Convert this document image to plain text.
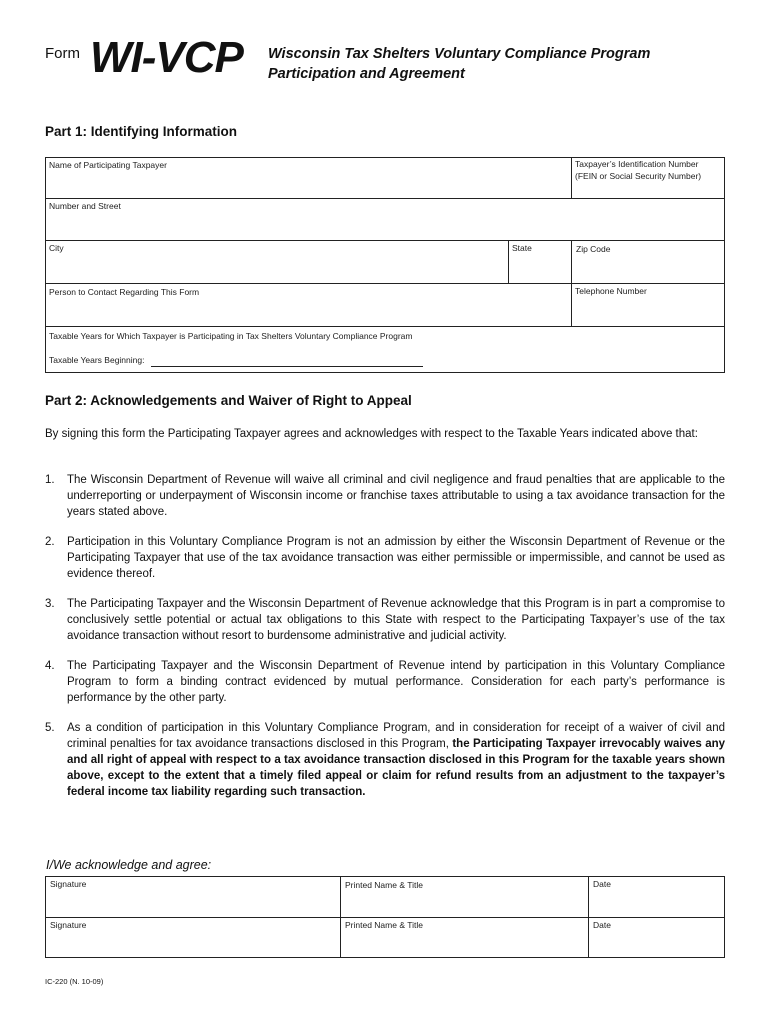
Form WI-VCP Wisconsin Tax Shelters Voluntary Compliance Program
Participation and Agreement
Part 1: Identifying Information
Name of Participating Taxpayer	Taxpayer’s Identification Number
(FEIN or Social Security Number)
Number and Street
City	State	Zip Code
Person to Contact Regarding This Form	Telephone Number
Taxable Years for Which Taxpayer is Participating in Tax Shelters Voluntary Compliance Program
Taxable Years Beginning:
Part 2: Acknowledgements and Waiver of Right to Appeal
By signing this form the Participating Taxpayer agrees and acknowledges with respect to the Taxable Years indicated above that:
1. The Wisconsin Department of Revenue will waive all criminal and civil negligence and fraud penalties that are applicable to the underreporting or underpayment of Wisconsin income or franchise taxes attributable to using a tax avoidance transaction for the years stated above.
2. Participation in this Voluntary Compliance Program is not an admission by either the Wisconsin Department of Revenue or the Participating Taxpayer that use of the tax avoidance transaction was either permissible or impermissible, and cannot be used as evidence thereof.
3. The Participating Taxpayer and the Wisconsin Department of Revenue acknowledge that this Program is in part a compromise to conclusively settle potential or actual tax obligations to this State with respect to the Participating Taxpayer’s use of the tax avoidance transaction without resort to burdensome administrative and judicial activity.
4. The Participating Taxpayer and the Wisconsin Department of Revenue intend by participation in this Voluntary Compliance Program to form a binding contract evidenced by mutual performance. Consideration for each party’s performance is performance by the other party.
5. As a condition of participation in this Voluntary Compliance Program, and in consideration for receipt of a waiver of civil and criminal penalties for tax avoidance transactions disclosed in this Program, the Participating Taxpayer irrevocably waives any and all right of appeal with respect to a tax avoidance transaction disclosed in this Program for the taxable years shown above, except to the extent that a timely filed appeal or claim for refund results from an adjustment to the taxpayer’s federal income tax liability regarding such transaction.
I/We acknowledge and agree:
Signature	Printed Name & Title	Date
Signature	Printed Name & Title	Date
IC-220 (N. 10-09)
